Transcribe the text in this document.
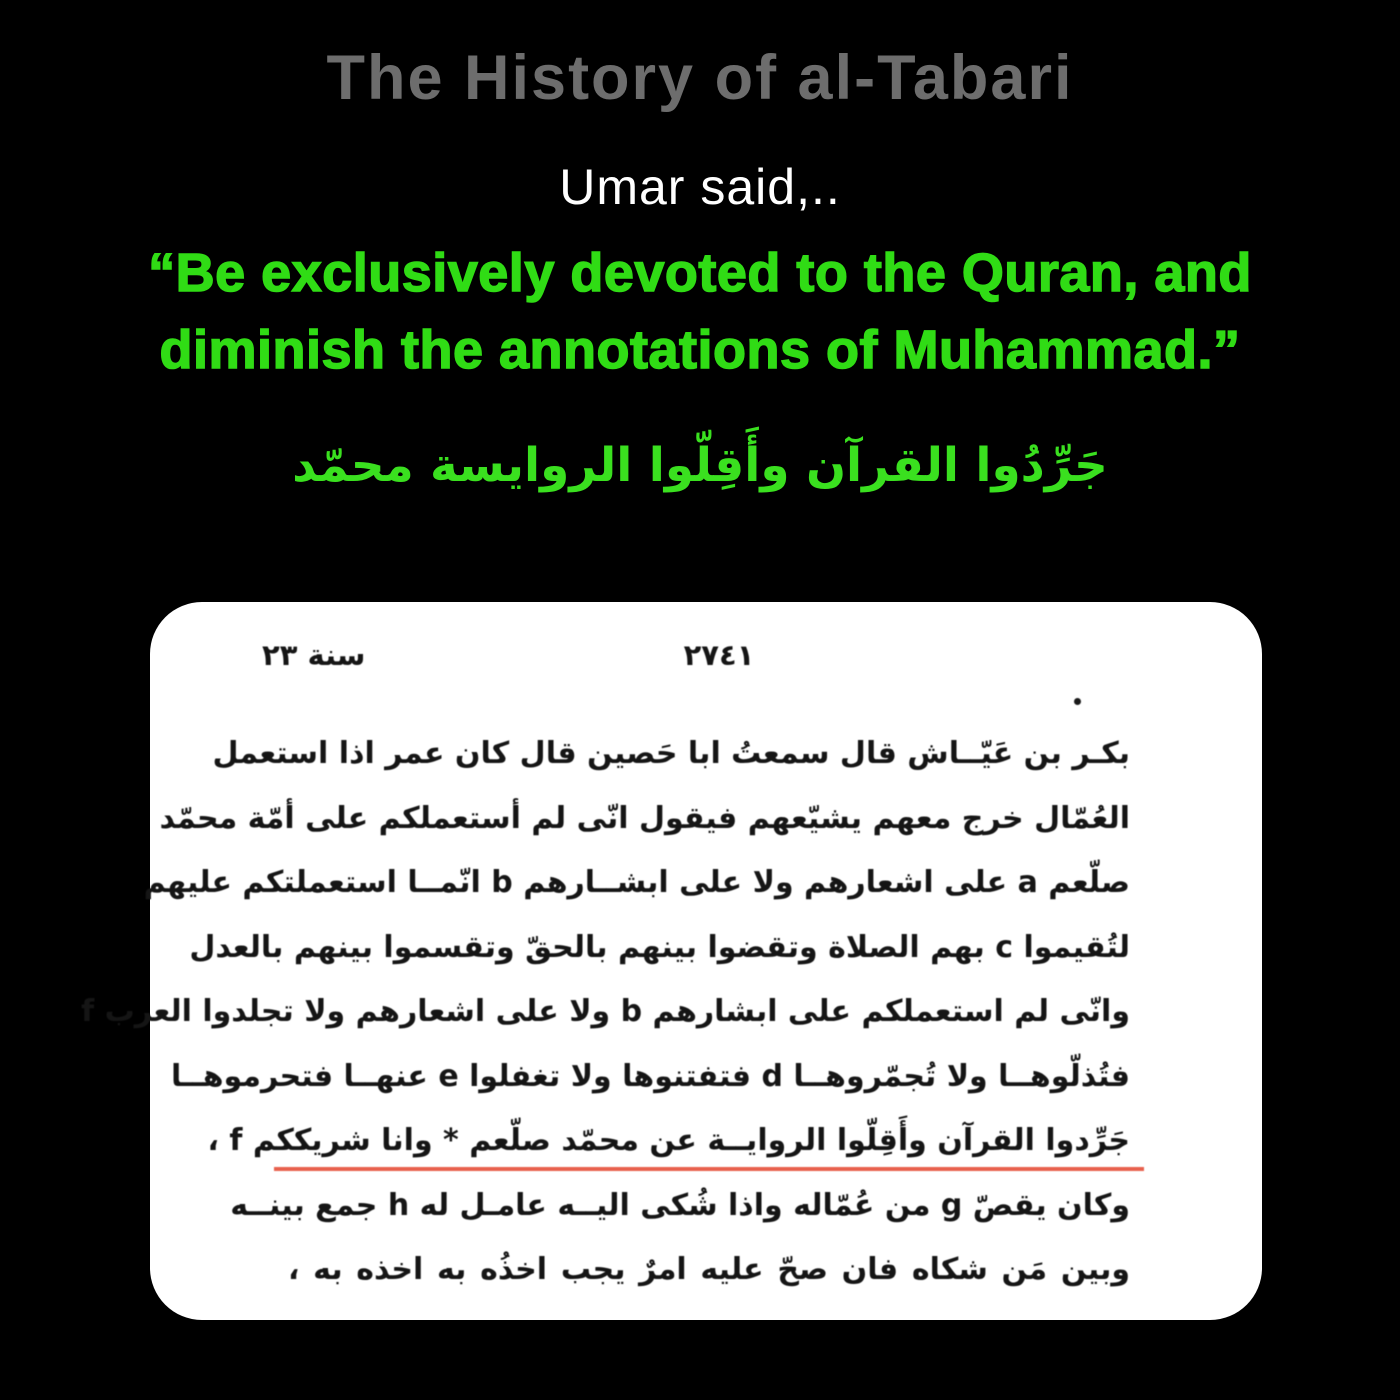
The History of al-Tabari
Umar said,..
“Be exclusively devoted to the Quran, and
diminish the annotations of Muhammad.”
جَرِّدُوا القرآن وأَقِلّوا الروايسة محمّد
٢٧٤١
سنة ٢٣
بكـر بن عَيّــاش قال سمعتُ ابا حَصين قال كان عمر اذا استعمل
العُمّال خرج معهم يشيّعهم فيقول انّى لم أستعملكم على أمّة محمّد
صلّعم a على اشعارهم ولا على ابشــارهم b انّمــا استعملتكم عليهم
لتُقيموا c بهم الصلاة وتقضوا بينهم بالحقّ وتقسموا بينهم بالعدل
وانّى لم استعملكم على ابشارهم b ولا على اشعارهم ولا تجلدوا العرب f
فتُذلّوهــا ولا تُجمّروهــا d فتفتنوها ولا تغفلوا e عنهــا فتحرموهــا
جَرِّدوا القرآن وأَقِلّوا الروايــة عن محمّد صلّعم * وانا شريككم f ،
وكان يقصّ g من عُمّاله واذا شُكى اليــه عامـل له h جمع بينــه
وبين مَن شكاه فان صحّ عليه امرٌ يجب اخذُه به اخذه به ،
